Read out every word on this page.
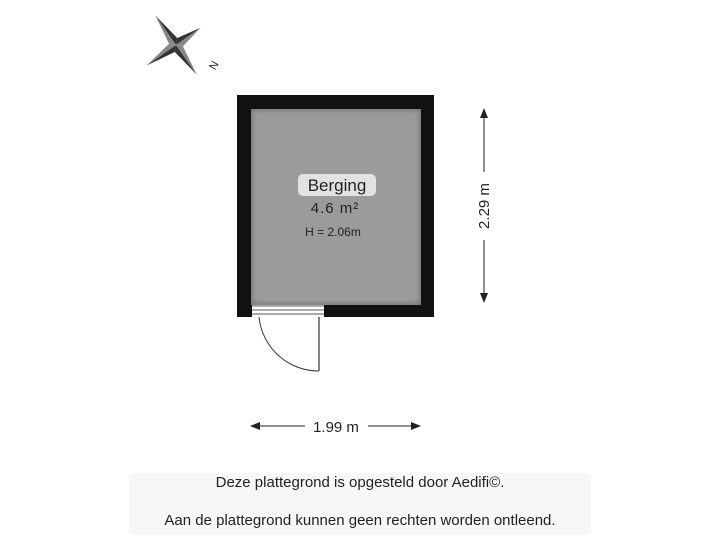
N
Berging
4.6 m²
H = 2.06m
2.29 m
1.99 m
Deze plattegrond is opgesteld door Aedifi©.
Aan de plattegrond kunnen geen rechten worden ontleend.
